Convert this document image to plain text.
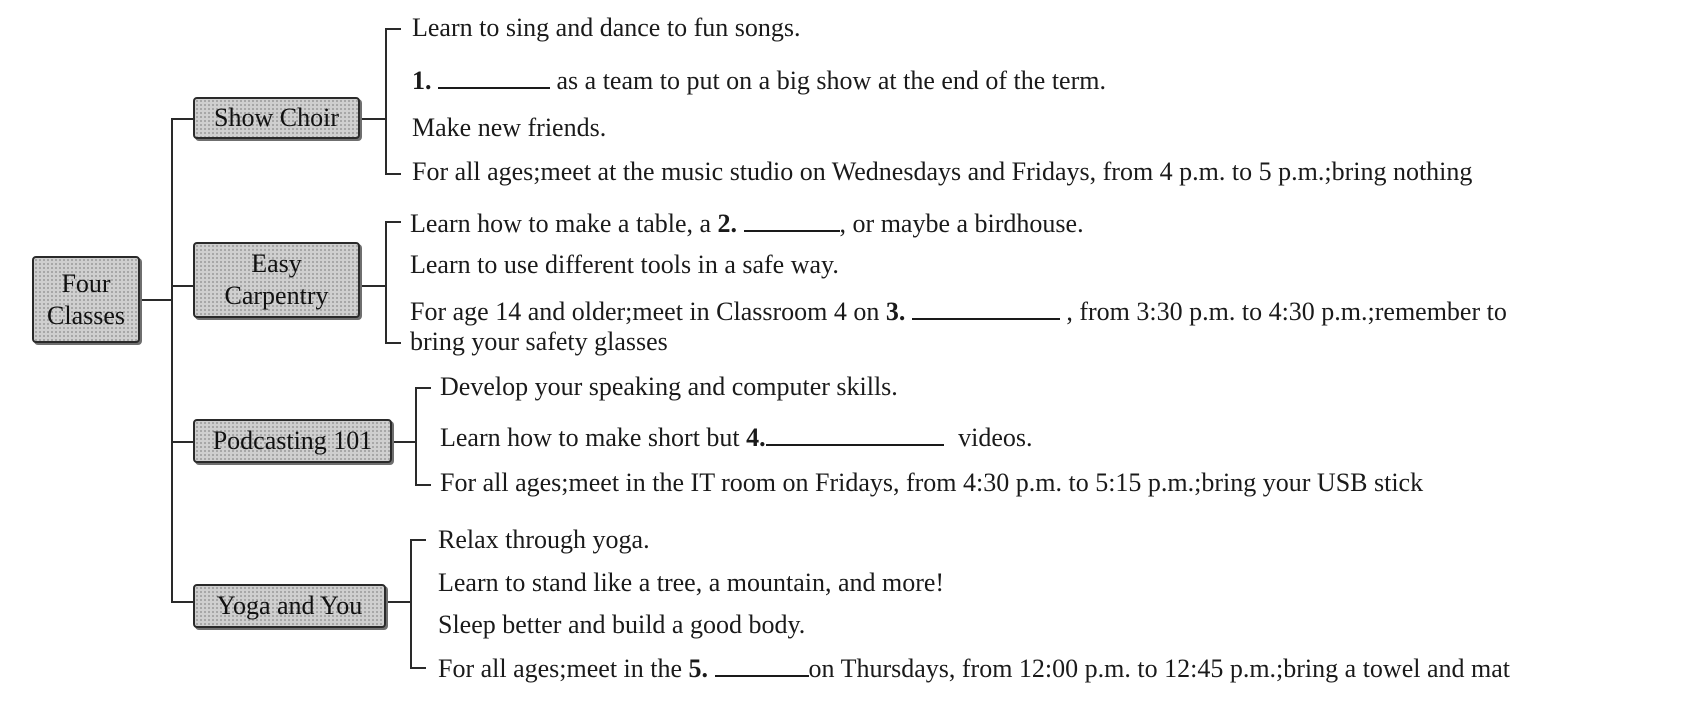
Four
Classes
Show Choir
Easy
Carpentry
Podcasting 101
Yoga and You
Learn to sing and dance to fun songs.
1.	as a team to put on a big show at the end of the term.
Make new friends.
For all ages;meet at the music studio on Wednesdays and Fridays, from 4 p.m. to 5 p.m.;bring nothing
Learn how to make a table, a 2.	, or maybe a birdhouse.
Learn to use different tools in a safe way.
For age 14 and older;meet in Classroom 4 on 3.	, from 3:30 p.m. to 4:30 p.m.;remember to
bring your safety glasses
Develop your speaking and computer skills.
Learn how to make short but 4.	videos.
For all ages;meet in the IT room on Fridays, from 4:30 p.m. to 5:15 p.m.;bring your USB stick
Relax through yoga.
Learn to stand like a tree, a mountain, and more!
Sleep better and build a good body.
For all ages;meet in the 5.	on Thursdays, from 12:00 p.m. to 12:45 p.m.;bring a towel and mat
